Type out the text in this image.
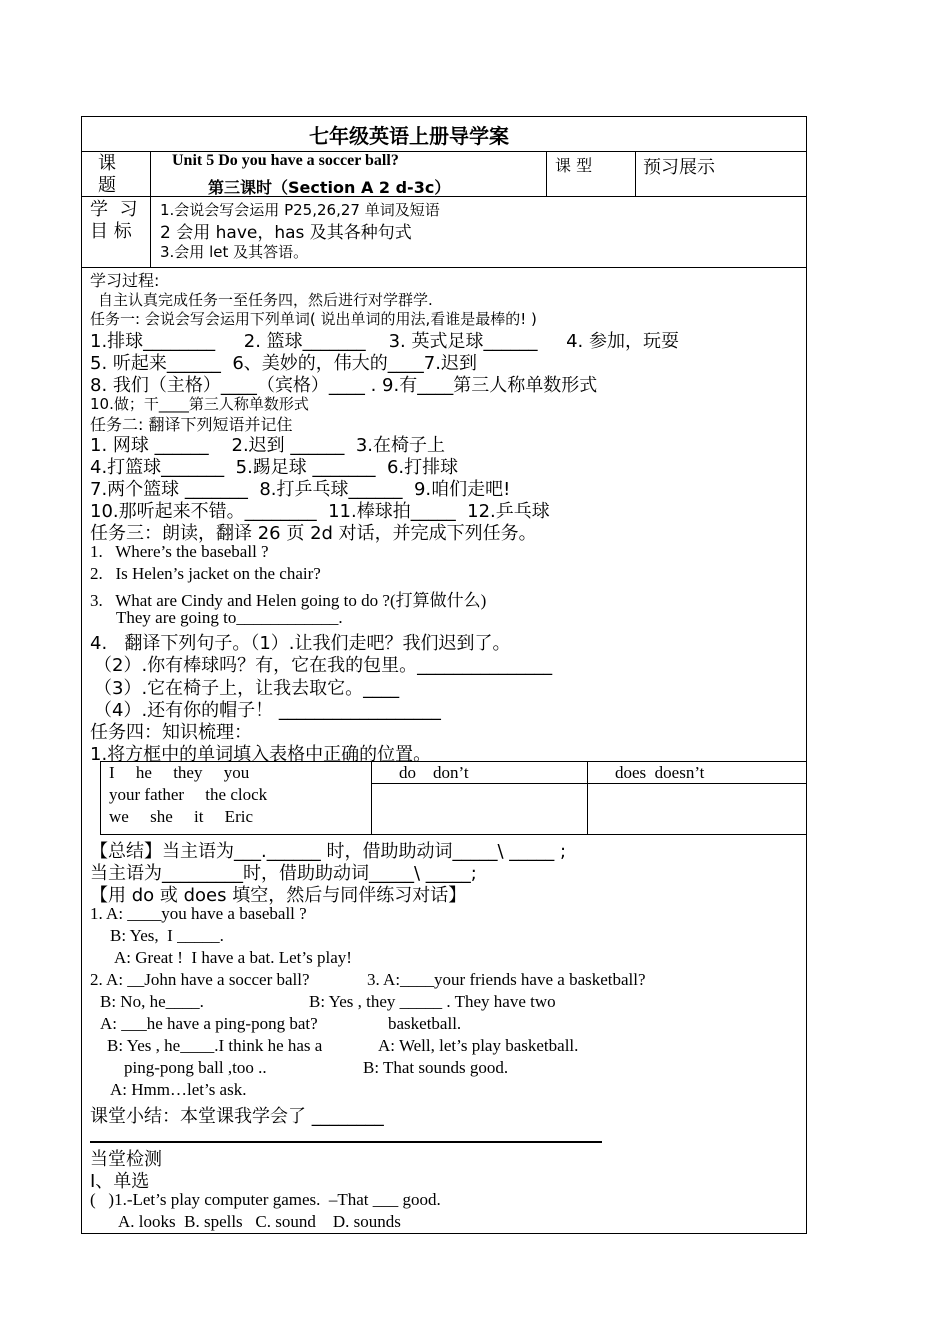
七年级英语上册导学案
课
题
Unit 5 Do you have a soccer ball?
第三课时（Section A 2 d-3c）
课 型	预习展示
学  习
目 标
1.会说会写会运用 P25,26,27 单词及短语
2 会用 have，has 及其各种句式
3.会用 let 及其答语。
学习过程:
自主认真完成任务一至任务四，然后进行对学群学.
任务一: 会说会写会运用下列单词( 说出单词的用法,看谁是最棒的! )
1.排球________     2. 篮球_______    3. 英式足球______     4. 参加，玩耍
5. 听起来______  6、美妙的，伟大的____7.迟到
8. 我们（主格）____（宾格）____ . 9.有____第三人称单数形式
10.做；干____第三人称单数形式
任务二: 翻译下列短语并记住
1. 网球 ______    2.迟到 ______  3.在椅子上
4.打篮球_______  5.踢足球 _______  6.打排球
7.两个篮球 _______  8.打乒乓球______  9.咱们走吧!
10.那听起来不错。________  11.棒球拍_____  12.乒乓球
任务三：朗读，翻译 26 页 2d 对话，并完成下列任务。
1.   Where’s the baseball ?
2.   Is Helen’s jacket on the chair?
3.   What are Cindy and Helen going to do ?(打算做什么)
They are going to____________.
4.   翻译下列句子。（1）.让我们走吧？我们迟到了。
（2）.你有棒球吗？有，它在我的包里。_______________
（3）.它在椅子上，让我去取它。____
（4）.还有你的帽子！ __________________
任务四：知识梳理：
1.将方框中的单词填入表格中正确的位置。
I     he     they     you
your father     the clock
we     she     it     Eric
do    don’t	does  doesn’t
【总结】当主语为___.______ 时，借助助动词_____\ _____ ;
当主语为_________时，借助助动词_____\ _____;
【用 do 或 does 填空，然后与同伴练习对话】
1. A: ____you have a baseball ?
B: Yes,  I _____.
A: Great !  I have a bat. Let’s play!
2. A: __John have a soccer ball?
B: No, he____.
A: ___he have a ping-pong bat?
B: Yes , he____.I think he has a
ping-pong ball ,too ..
A: Hmm…let’s ask.
3. A:____your friends have a basketball?
B: Yes , they _____ . They have two
basketball.
A: Well, let’s play basketball.
B: That sounds good.
课堂小结：本堂课我学会了 ________
当堂检测
I、单选
(   )1.-Let’s play computer games.  –That ___ good.
A. looks  B. spells   C. sound    D. sounds
